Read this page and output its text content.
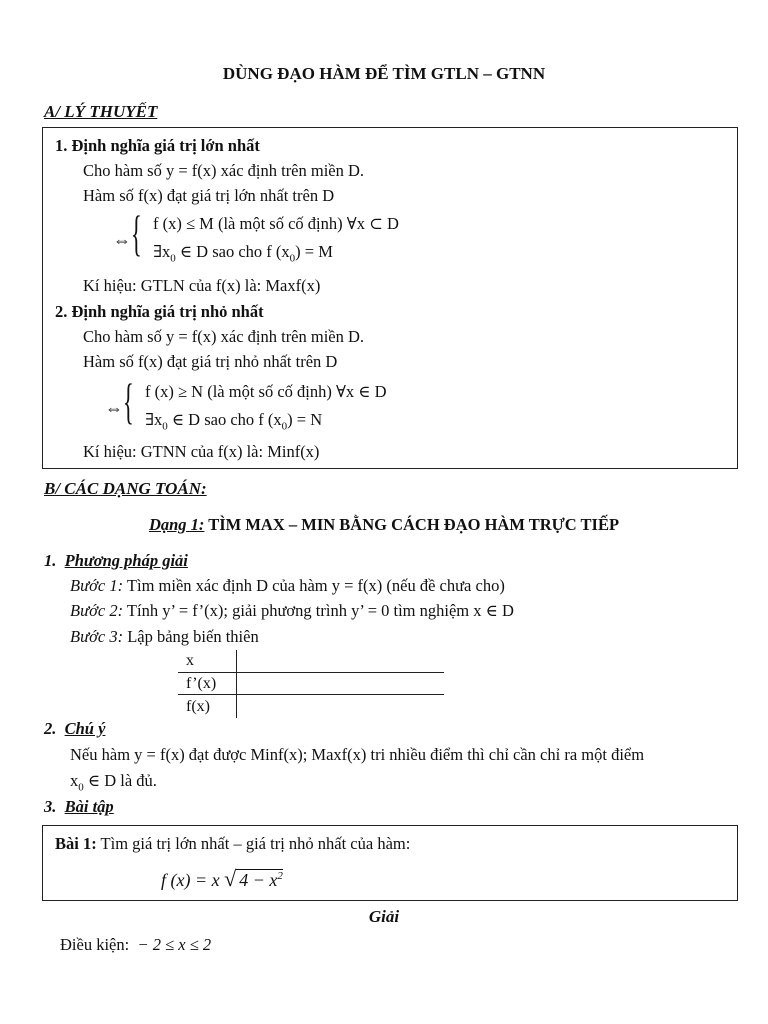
DÙNG ĐẠO HÀM ĐỂ TÌM GTLN – GTNN
A/ LÝ THUYẾT
1. Định nghĩa giá trị lớn nhất
Cho hàm số y = f(x) xác định trên miền D.
Hàm số f(x) đạt giá trị lớn nhất trên D
⇔ { f (x) ≤ M (là một số cố định) ∀x ⊂ D
$\exists x_0$ ∈ D sao cho f $(x_0) = M$
Kí hiệu: GTLN của f(x) là: Maxf(x)
2. Định nghĩa giá trị nhỏ nhất
Cho hàm số y = f(x) xác định trên miền D.
Hàm số f(x) đạt giá trị nhỏ nhất trên D
⇔ { f (x) ≥ N (là một số cố định) ∀x ∈ D
$\exists x_0$ ∈ D sao cho f $(x_0) = N$
Kí hiệu: GTNN của f(x) là: Minf(x)
B/ CÁC DẠNG TOÁN:
Dạng 1: TÌM MAX – MIN BẰNG CÁCH ĐẠO HÀM TRỰC TIẾP
1. Phương pháp giải
Bước 1: Tìm miền xác định D của hàm y = f(x) (nếu đề chưa cho)
Bước 2: Tính y’ = f’(x); giải phương trình y’ = 0 tìm nghiệm x ∈ D
Bước 3: Lập bảng biến thiên
x
f’(x)
f(x)
2. Chú ý
Nếu hàm y = f(x) đạt được Minf(x); Maxf(x) tri nhiều điểm thì chỉ cần chỉ ra một điểm
$x_0$ ∈ D là đủ.
3. Bài tập
Bài 1: Tìm giá trị lớn nhất – giá trị nhỏ nhất của hàm:
f (x) = x √ $4 - x^2$
Giải
Điều kiện: − 2 ≤ x ≤ 2
